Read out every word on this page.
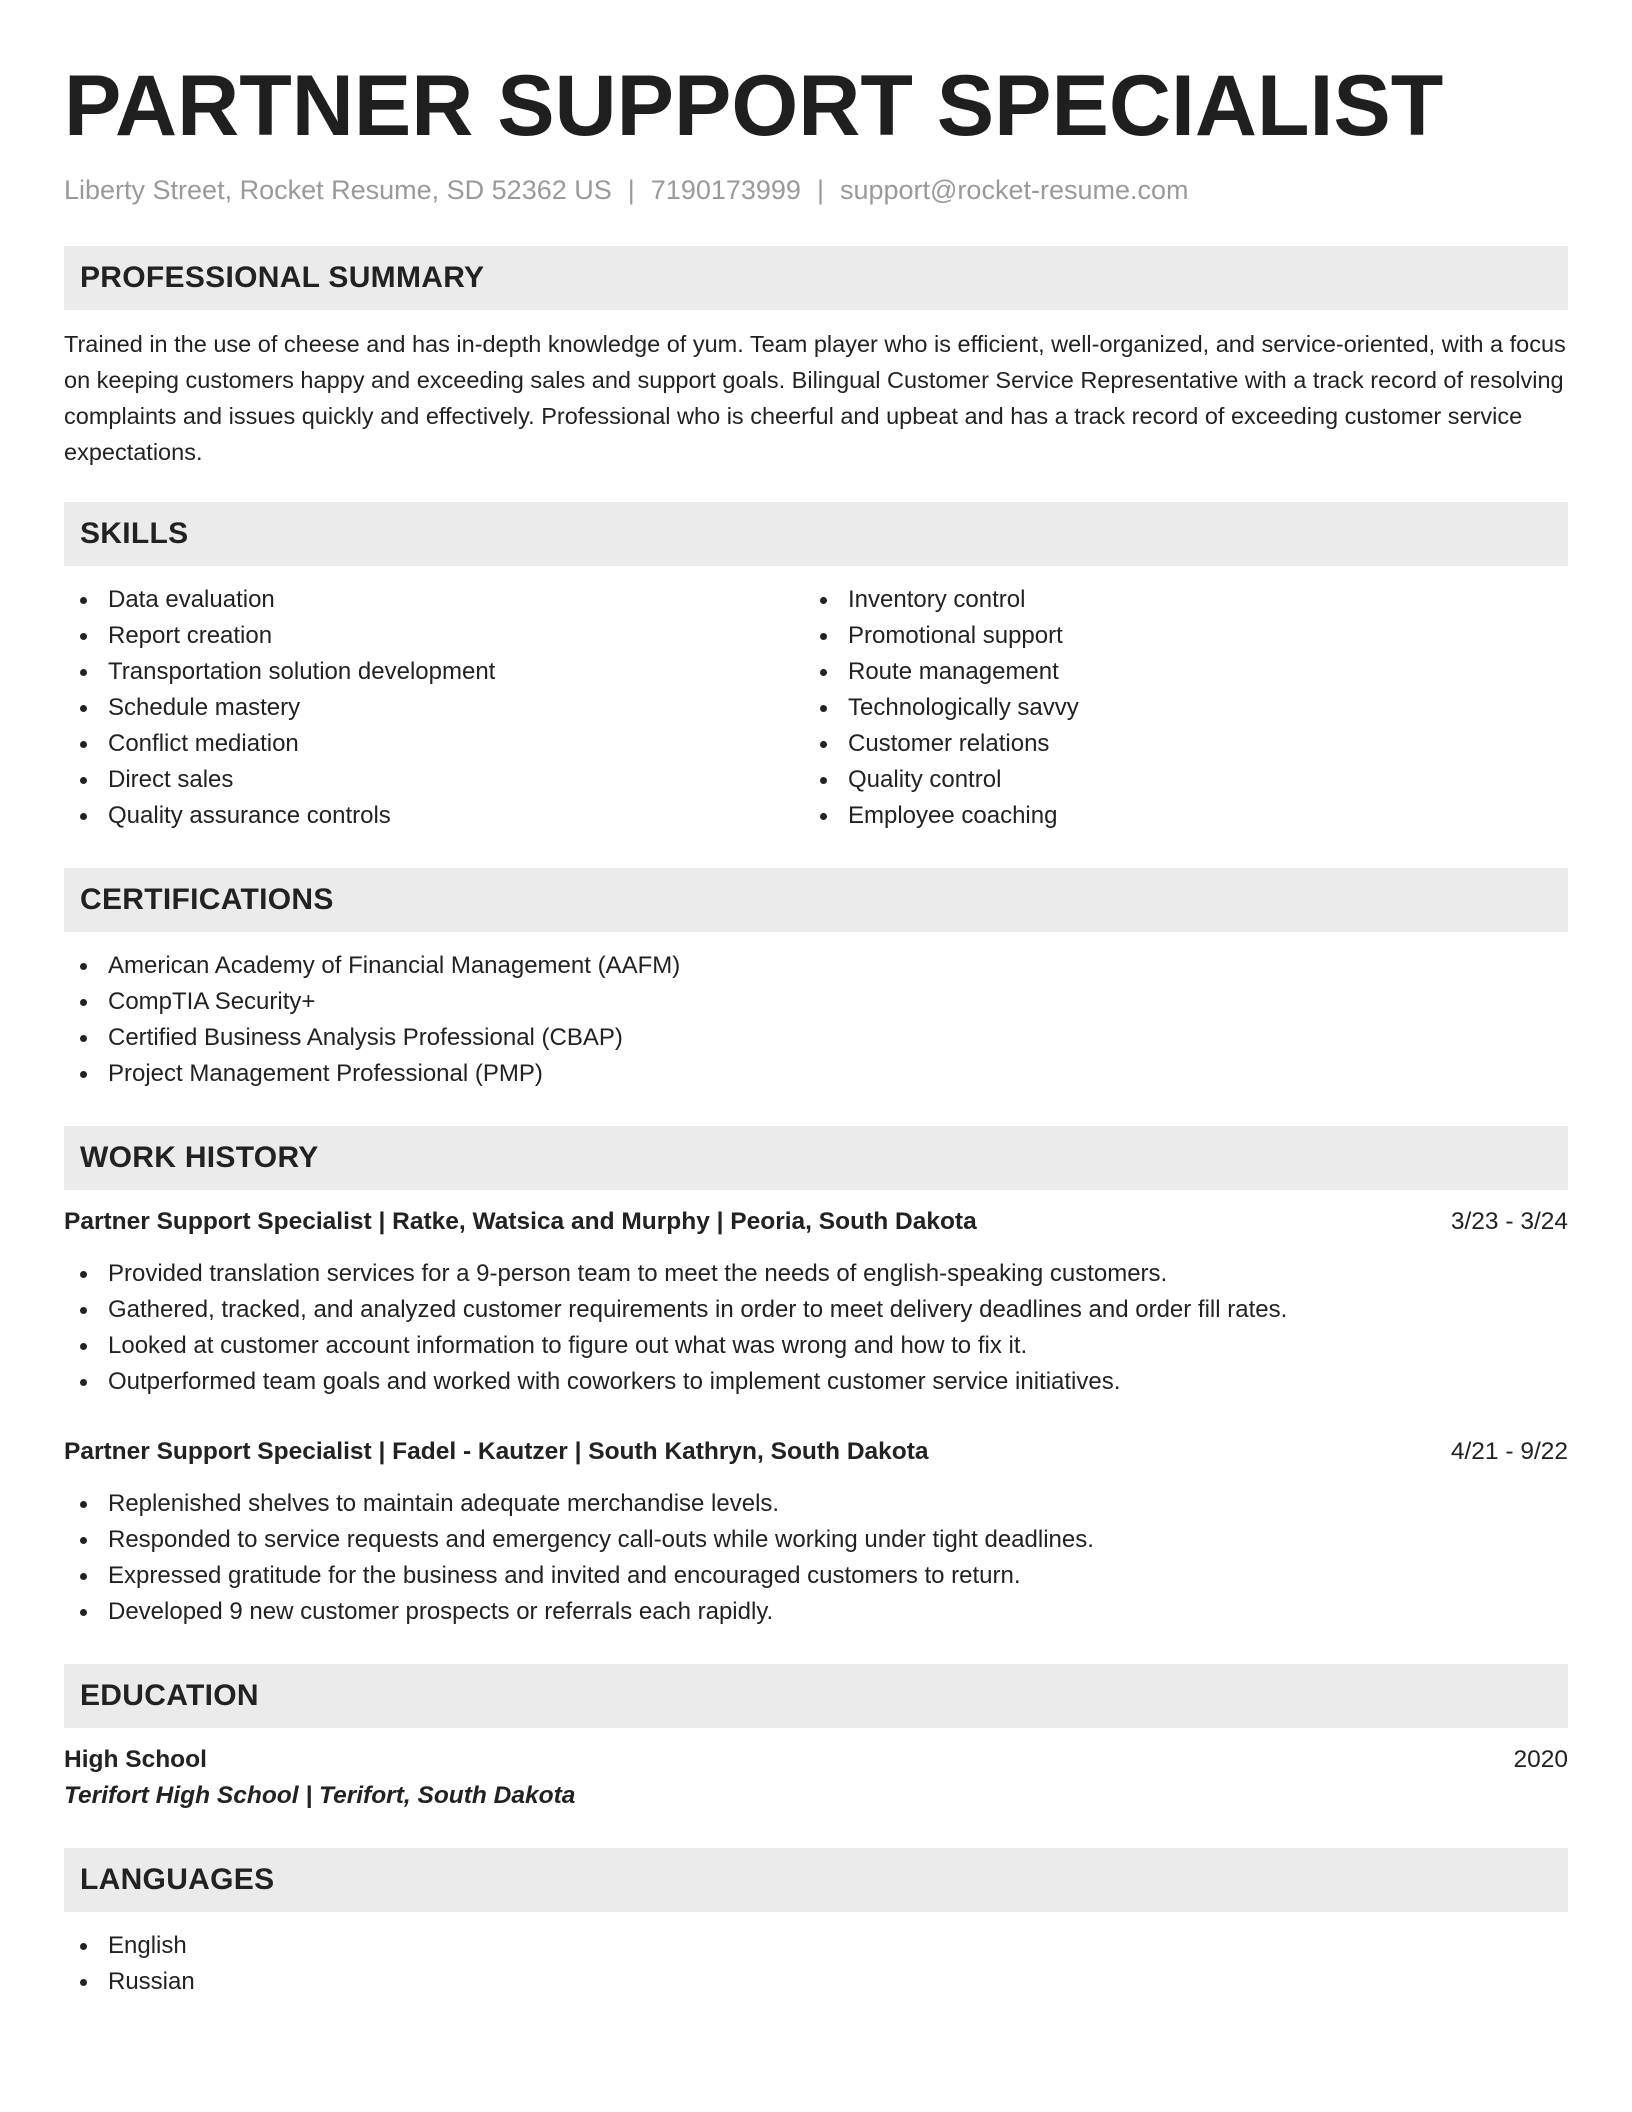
PARTNER SUPPORT SPECIALIST
Liberty Street, Rocket Resume, SD 52362 US | 7190173999 | support@rocket-resume.com
PROFESSIONAL SUMMARY

Trained in the use of cheese and has in-depth knowledge of yum. Team player who is efficient, well-organized, and service-oriented, with a focus on keeping customers happy and exceeding sales and support goals. Bilingual Customer Service Representative with a track record of resolving complaints and issues quickly and effectively. Professional who is cheerful and upbeat and has a track record of exceeding customer service expectations.

SKILLS
Data evaluation
Report creation
Transportation solution development
Schedule mastery
Conflict mediation
Direct sales
Quality assurance controls
Inventory control
Promotional support
Route management
Technologically savvy
Customer relations
Quality control
Employee coaching
CERTIFICATIONS
American Academy of Financial Management (AAFM)
CompTIA Security+
Certified Business Analysis Professional (CBAP)
Project Management Professional (PMP)
WORK HISTORY
Partner Support Specialist | Ratke, Watsica and Murphy | Peoria, South Dakota	3/23 - 3/24
Provided translation services for a 9-person team to meet the needs of english-speaking customers.
Gathered, tracked, and analyzed customer requirements in order to meet delivery deadlines and order fill rates.
Looked at customer account information to figure out what was wrong and how to fix it.
Outperformed team goals and worked with coworkers to implement customer service initiatives.
Partner Support Specialist | Fadel - Kautzer | South Kathryn, South Dakota	4/21 - 9/22
Replenished shelves to maintain adequate merchandise levels.
Responded to service requests and emergency call-outs while working under tight deadlines.
Expressed gratitude for the business and invited and encouraged customers to return.
Developed 9 new customer prospects or referrals each rapidly.
EDUCATION
High School	2020
Terifort High School | Terifort, South Dakota
LANGUAGES
English
Russian
